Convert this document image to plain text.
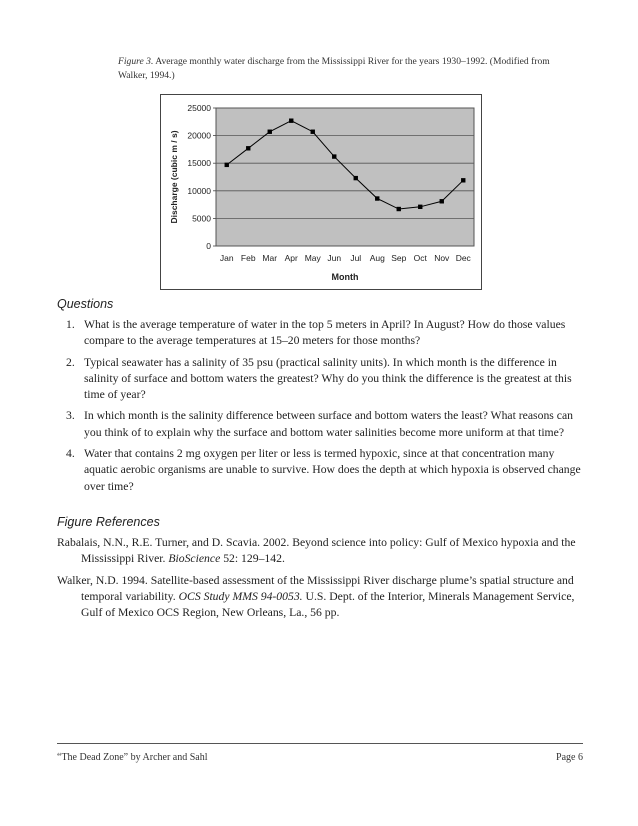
Figure 3. Average monthly water discharge from the Mississippi River for the years 1930–1992. (Modified from Walker, 1994.)
0
5000
10000
15000
20000
25000
Jan Feb Mar Apr May Jun Jul Aug Sep Oct Nov Dec
Month
Discharge (cubic m / s)
Questions
1. What is the average temperature of water in the top 5 meters in April? In August? How do those values compare to the average temperatures at 15–20 meters for those months?
2. Typical seawater has a salinity of 35 psu (practical salinity units). In which month is the difference in salinity of surface and bottom waters the greatest? Why do you think the difference is the greatest at this time of year?
3. In which month is the salinity difference between surface and bottom waters the least? What reasons can you think of to explain why the surface and bottom water salinities become more uniform at that time?
4. Water that contains 2 mg oxygen per liter or less is termed hypoxic, since at that concentration many aquatic aerobic organisms are unable to survive. How does the depth at which hypoxia is observed change over time?
Figure References
Rabalais, N.N., R.E. Turner, and D. Scavia. 2002. Beyond science into policy: Gulf of Mexico hypoxia and the Mississippi River. BioScience 52: 129–142.
Walker, N.D. 1994. Satellite-based assessment of the Mississippi River discharge plume’s spatial structure and temporal variability. OCS Study MMS 94-0053. U.S. Dept. of the Interior, Minerals Management Service, Gulf of Mexico OCS Region, New Orleans, La., 56 pp.
“The Dead Zone” by Archer and Sahl	Page 6
